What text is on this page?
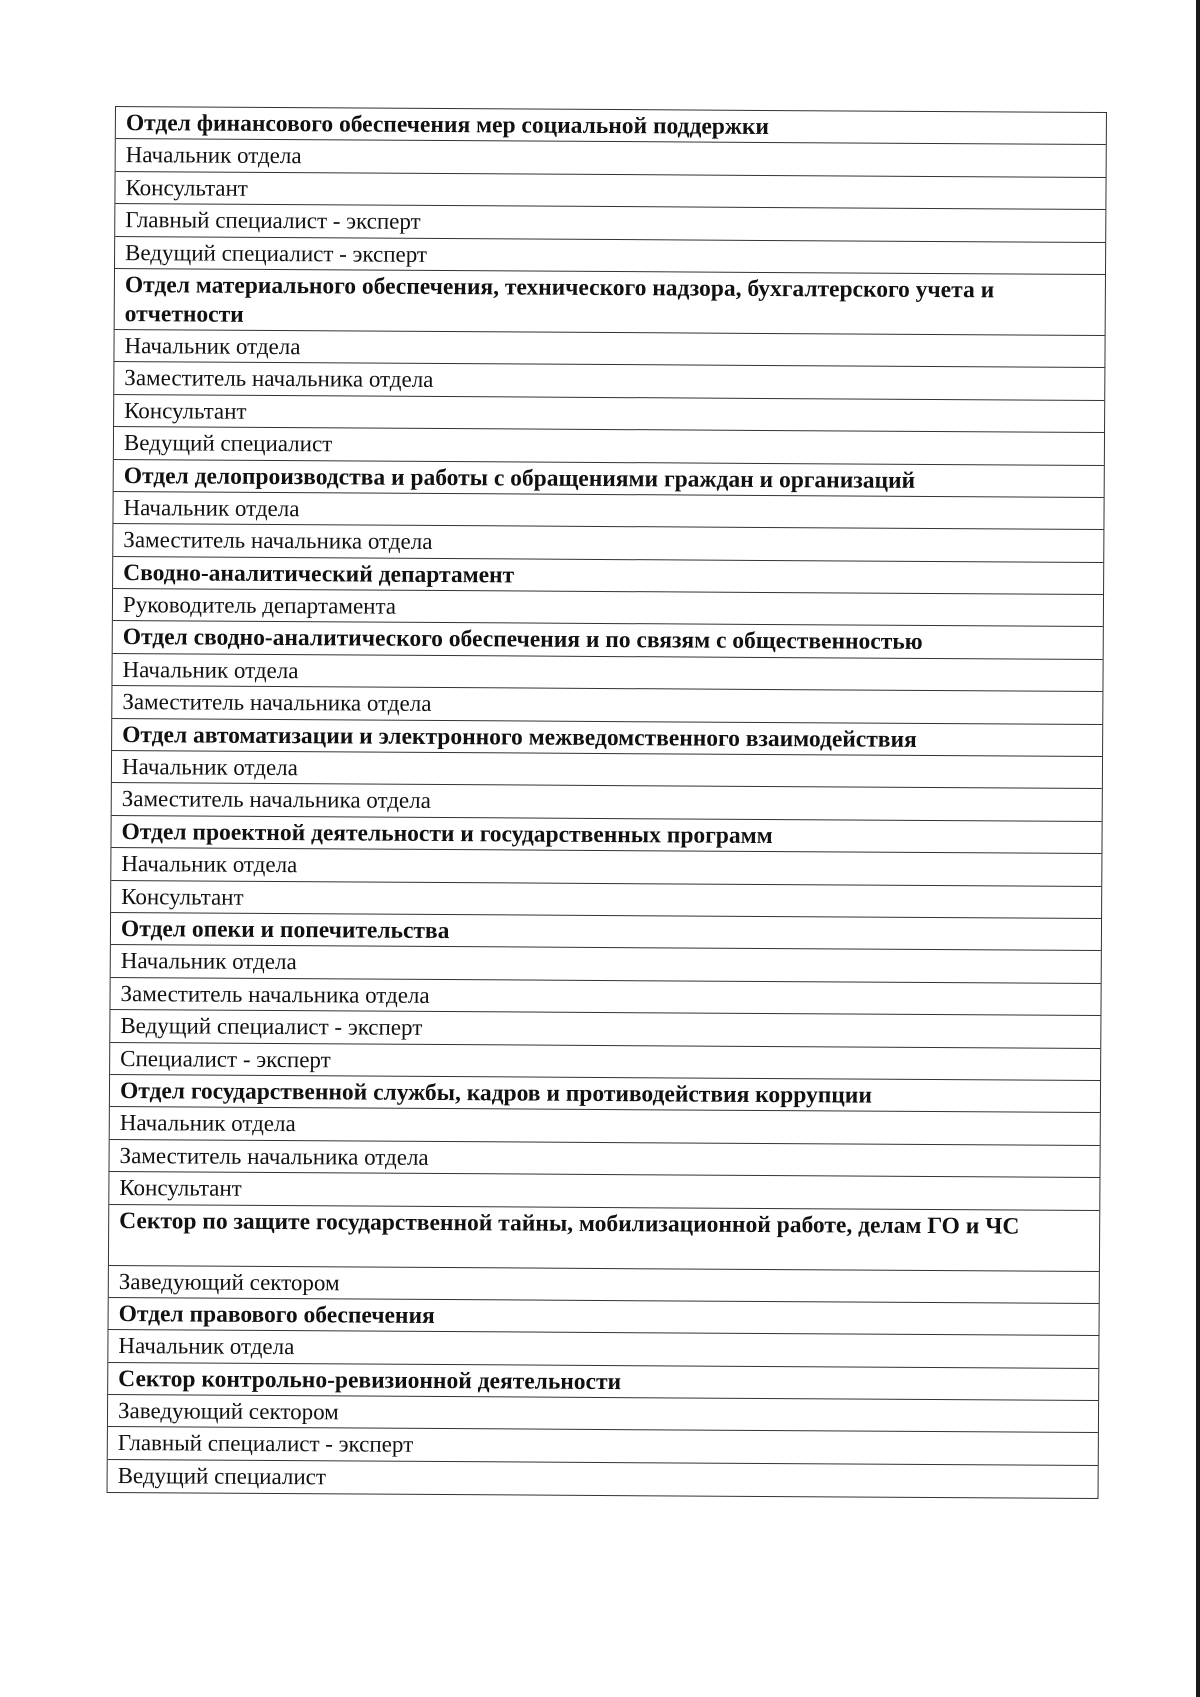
Отдел финансового обеспечения мер социальной поддержки
Начальник отдела
Консультант
Главный специалист - эксперт
Ведущий специалист - эксперт
Отдел материального обеспечения, технического надзора, бухгалтерского учета и отчетности
Начальник отдела
Заместитель начальника отдела
Консультант
Ведущий специалист
Отдел делопроизводства и работы с обращениями граждан и организаций
Начальник отдела
Заместитель начальника отдела
Сводно-аналитический департамент
Руководитель департамента
Отдел сводно-аналитического обеспечения и по связям с общественностью
Начальник отдела
Заместитель начальника отдела
Отдел автоматизации и электронного межведомственного взаимодействия
Начальник отдела
Заместитель начальника отдела
Отдел проектной деятельности и государственных программ
Начальник отдела
Консультант
Отдел опеки и попечительства
Начальник отдела
Заместитель начальника отдела
Ведущий специалист - эксперт
Специалист - эксперт
Отдел государственной службы, кадров и противодействия коррупции
Начальник отдела
Заместитель начальника отдела
Консультант
Сектор по защите государственной тайны, мобилизационной работе, делам ГО и ЧС
Заведующий сектором
Отдел правового обеспечения
Начальник отдела
Сектор контрольно-ревизионной деятельности
Заведующий сектором
Главный специалист - эксперт
Ведущий специалист
